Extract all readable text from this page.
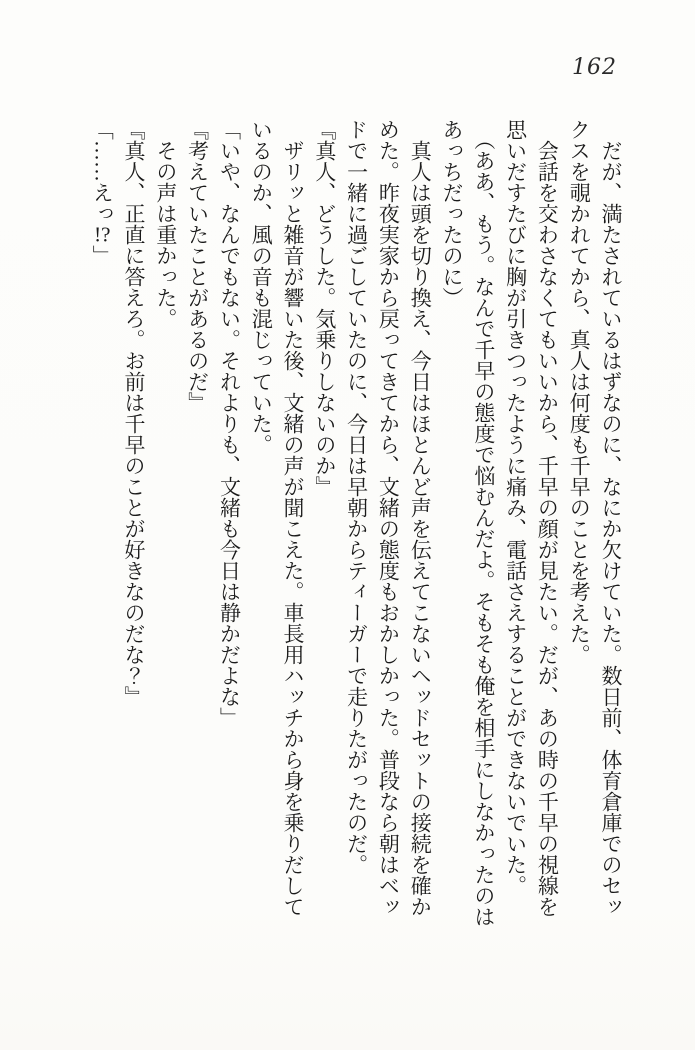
162
だが、満たされているはずなのに、なにか欠けていた。数日前、体育倉庫でのセッ
クスを覗かれてから、真人は何度も千早のことを考えた。
会話を交わさなくてもいいから、千早の顔が見たい。だが、あの時の千早の視線を
思いだすたびに胸が引きつったように痛み、電話さえすることができないでいた。
（ああ、もう。なんで千早の態度で悩むんだよ。そもそも俺を相手にしなかったのは
あっちだったのに）
真人は頭を切り換え、今日はほとんど声を伝えてこないヘッドセットの接続を確か
めた。昨夜実家から戻ってきてから、文緒の態度もおかしかった。普段なら朝はベッ
ドで一緒に過ごしていたのに、今日は早朝からティーガーで走りたがったのだ。
『真人、どうした。気乗りしないのか』
ザリッと雑音が響いた後、文緒の声が聞こえた。車長用ハッチから身を乗りだして
いるのか、風の音も混じっていた。
「いや、なんでもない。それよりも、文緒も今日は静かだよな」
『考えていたことがあるのだ』
その声は重かった。
『真人、正直に答えろ。お前は千早のことが好きなのだな？』
「……えっ!?」
